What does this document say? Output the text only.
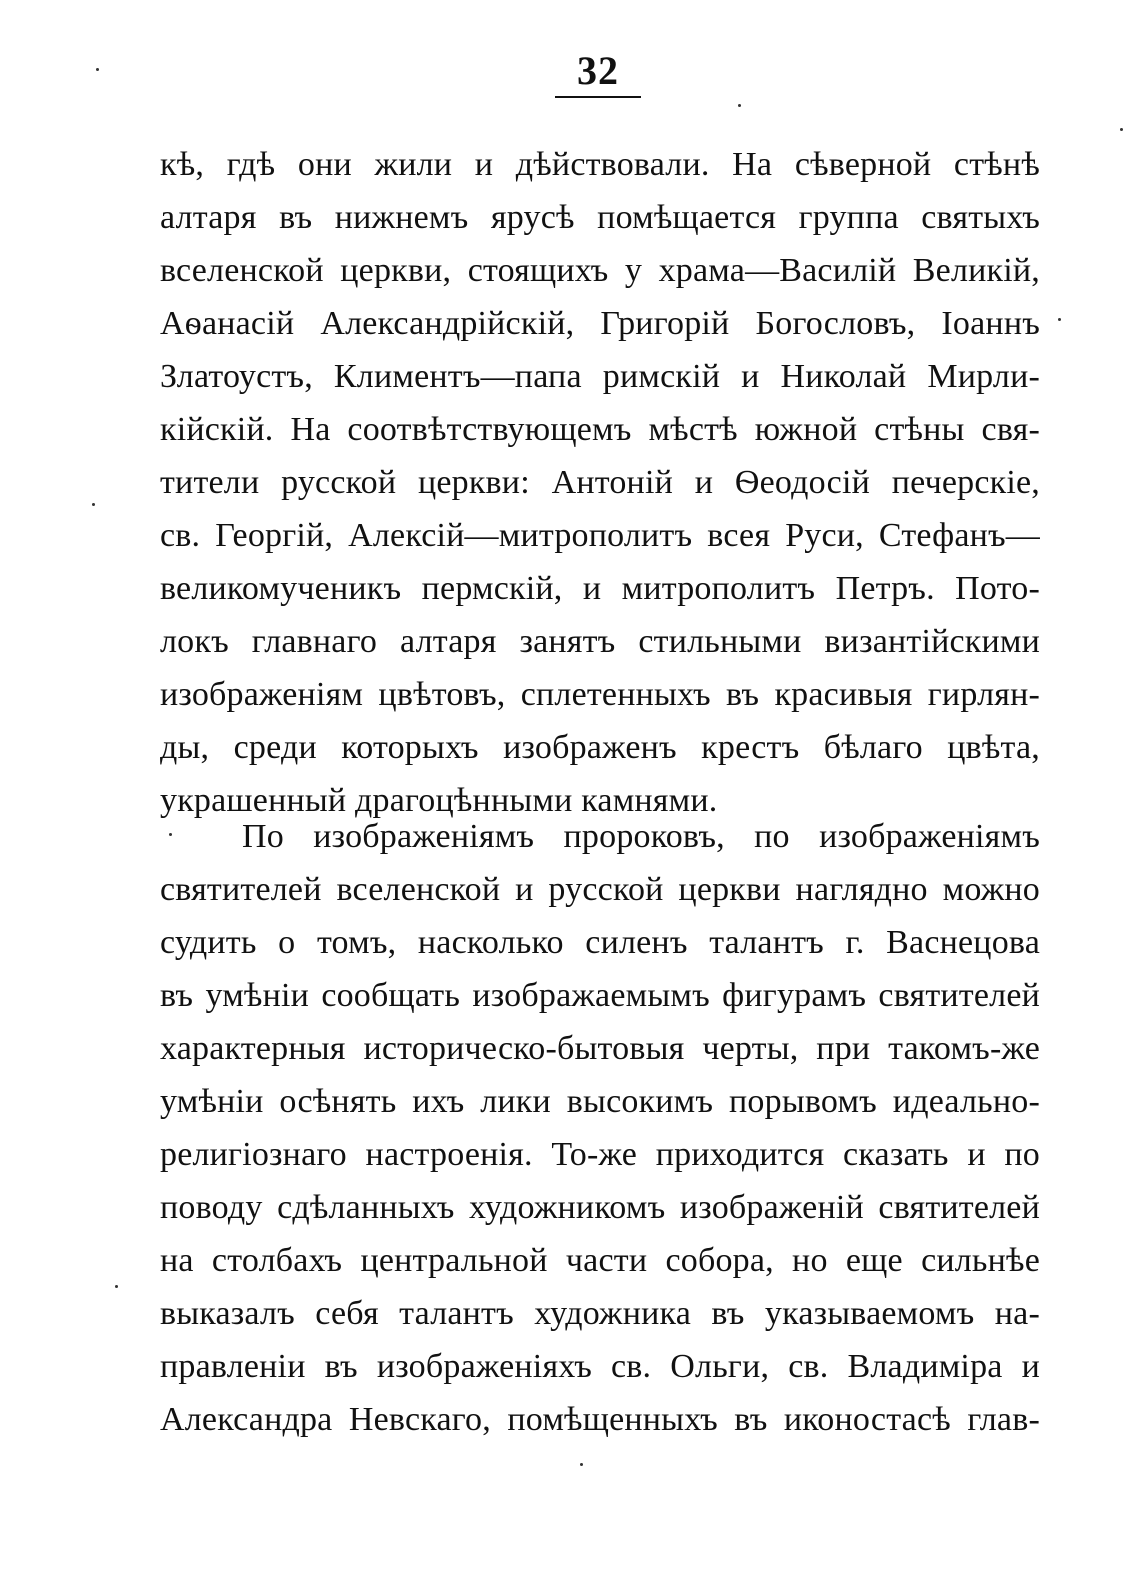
32
кѣ, гдѣ они жили и дѣйствовали. На сѣверной стѣнѣ
алтаря въ нижнемъ ярусѣ помѣщается группа святыхъ
вселенской церкви, стоящихъ у храма—Василій Великій,
Аѳанасій Александрійскій, Григорій Богословъ, Іоаннъ
Златоустъ, Климентъ—папа римскій и Николай Мирли-
кійскій. На соотвѣтствующемъ мѣстѣ южной стѣны свя-
тители русской церкви: Антоній и Ѳеодосій печерскіе,
св. Георгій, Алексій—митрополитъ всея Руси, Стефанъ—
великомученикъ пермскій, и митрополитъ Петръ. Пото-
локъ главнаго алтаря занятъ стильными византійскими
изображеніям цвѣтовъ, сплетенныхъ въ красивыя гирлян-
ды, среди которыхъ изображенъ крестъ бѣлаго цвѣта,
украшенный драгоцѣнными камнями.
По изображеніямъ пророковъ, по изображеніямъ
святителей вселенской и русской церкви наглядно можно
судить о томъ, насколько силенъ талантъ г. Васнецова
въ умѣніи сообщать изображаемымъ фигурамъ святителей
характерныя историческо-бытовыя черты, при такомъ-же
умѣніи осѣнять ихъ лики высокимъ порывомъ идеально-
религіознаго настроенія. То-же приходится сказать и по
поводу сдѣланныхъ художникомъ изображеній святителей
на столбахъ центральной части собора, но еще сильнѣе
выказалъ себя талантъ художника въ указываемомъ на-
правленіи въ изображеніяхъ св. Ольги, св. Владиміра и
Александра Невскаго, помѣщенныхъ въ иконостасѣ глав-
